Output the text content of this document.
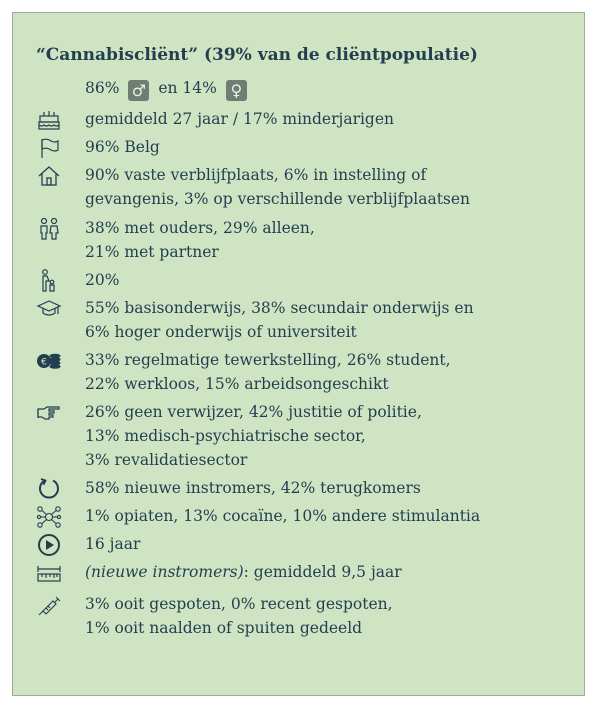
“Cannabiscliënt” (39% van de cliëntpopulatie)
86% ♂ en 14% ♀
gemiddeld 27 jaar / 17% minderjarigen
96% Belg
90% vaste verblijfplaats, 6% in instelling of
gevangenis, 3% op verschillende verblijfplaatsen
38% met ouders, 29% alleen,
21% met partner
20%
55% basisonderwijs, 38% secundair onderwijs en
6% hoger onderwijs of universiteit
€ 33% regelmatige tewerkstelling, 26% student,
22% werkloos, 15% arbeidsongeschikt
26% geen verwijzer, 42% justitie of politie,
13% medisch-psychiatrische sector,
3% revalidatiesector
58% nieuwe instromers, 42% terugkomers
1% opiaten, 13% cocaïne, 10% andere stimulantia
16 jaar
(nieuwe instromers): gemiddeld 9,5 jaar
3% ooit gespoten, 0% recent gespoten,
1% ooit naalden of spuiten gedeeld
